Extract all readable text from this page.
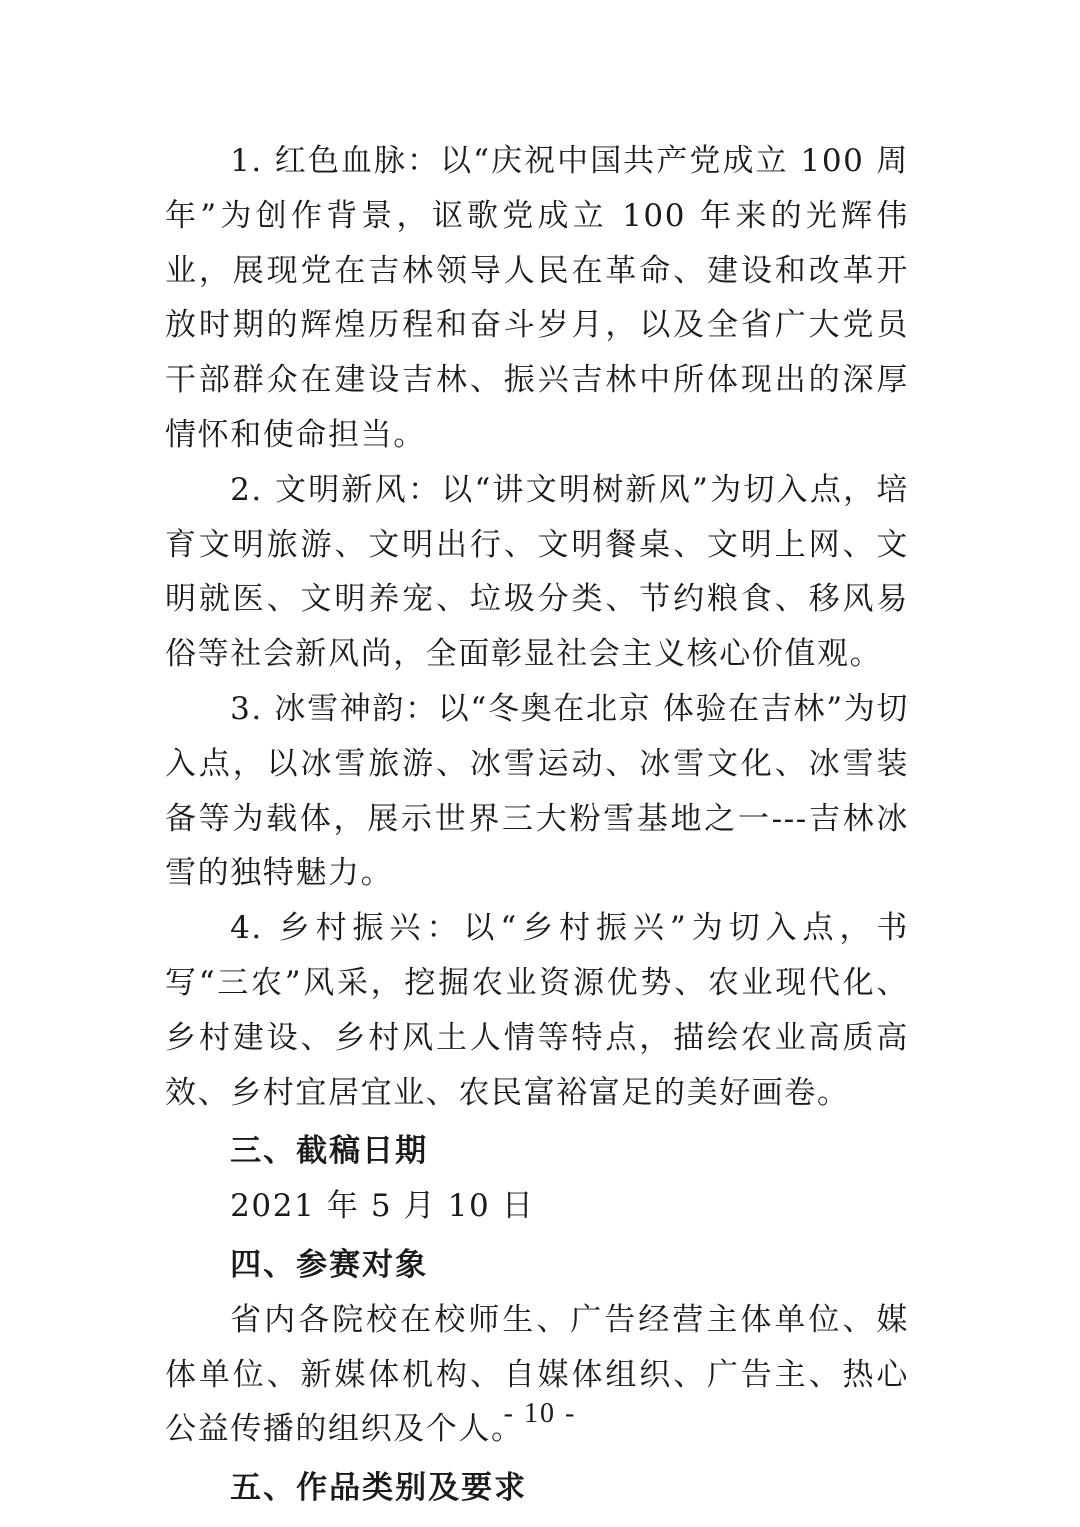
1. 红色血脉：以“庆祝中国共产党成立 100 周年”为创作背景，讴歌党成立 100 年来的光辉伟业，展现党在吉林领导人民在革命、建设和改革开放时期的辉煌历程和奋斗岁月，以及全省广大党员干部群众在建设吉林、振兴吉林中所体现出的深厚情怀和使命担当。

2. 文明新风：以“讲文明树新风”为切入点，培育文明旅游、文明出行、文明餐桌、文明上网、文明就医、文明养宠、垃圾分类、节约粮食、移风易俗等社会新风尚，全面彰显社会主义核心价值观。

3. 冰雪神韵：以“冬奥在北京 体验在吉林”为切入点，以冰雪旅游、冰雪运动、冰雪文化、冰雪装备等为载体，展示世界三大粉雪基地之一---吉林冰雪的独特魅力。

4. 乡村振兴：以“乡村振兴”为切入点，书写“三农”风采，挖掘农业资源优势、农业现代化、乡村建设、乡村风土人情等特点，描绘农业高质高效、乡村宜居宜业、农民富裕富足的美好画卷。

三、截稿日期

2021 年 5 月 10 日

四、参赛对象

省内各院校在校师生、广告经营主体单位、媒体单位、新媒体机构、自媒体组织、广告主、热心公益传播的组织及个人。

五、作品类别及要求

- 10 -
